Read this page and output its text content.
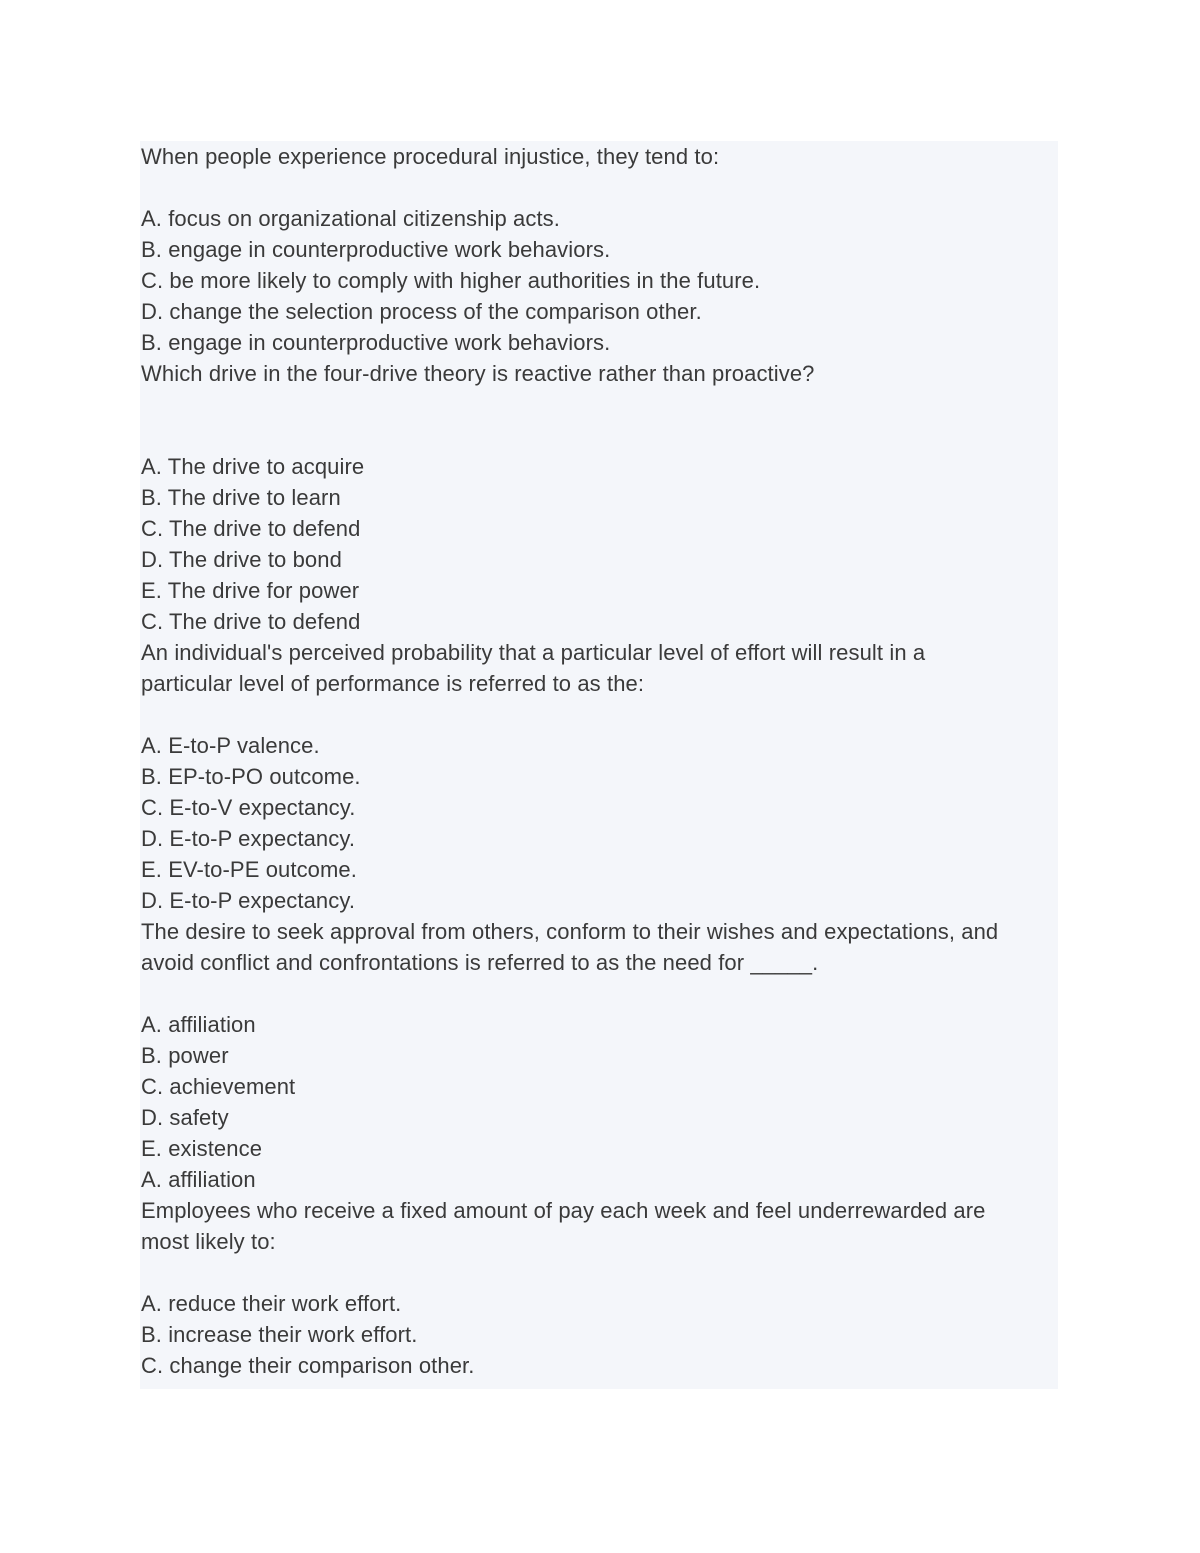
When people experience procedural injustice, they tend to:
A. focus on organizational citizenship acts.
B. engage in counterproductive work behaviors.
C. be more likely to comply with higher authorities in the future.
D. change the selection process of the comparison other.
B. engage in counterproductive work behaviors.
Which drive in the four-drive theory is reactive rather than proactive?
A. The drive to acquire
B. The drive to learn
C. The drive to defend
D. The drive to bond
E. The drive for power
C. The drive to defend
An individual's perceived probability that a particular level of effort will result in a
particular level of performance is referred to as the:
A. E-to-P valence.
B. EP-to-PO outcome.
C. E-to-V expectancy.
D. E-to-P expectancy.
E. EV-to-PE outcome.
D. E-to-P expectancy.
The desire to seek approval from others, conform to their wishes and expectations, and
avoid conflict and confrontations is referred to as the need for _____.
A. affiliation
B. power
C. achievement
D. safety
E. existence
A. affiliation
Employees who receive a fixed amount of pay each week and feel underrewarded are
most likely to:
A. reduce their work effort.
B. increase their work effort.
C. change their comparison other.
